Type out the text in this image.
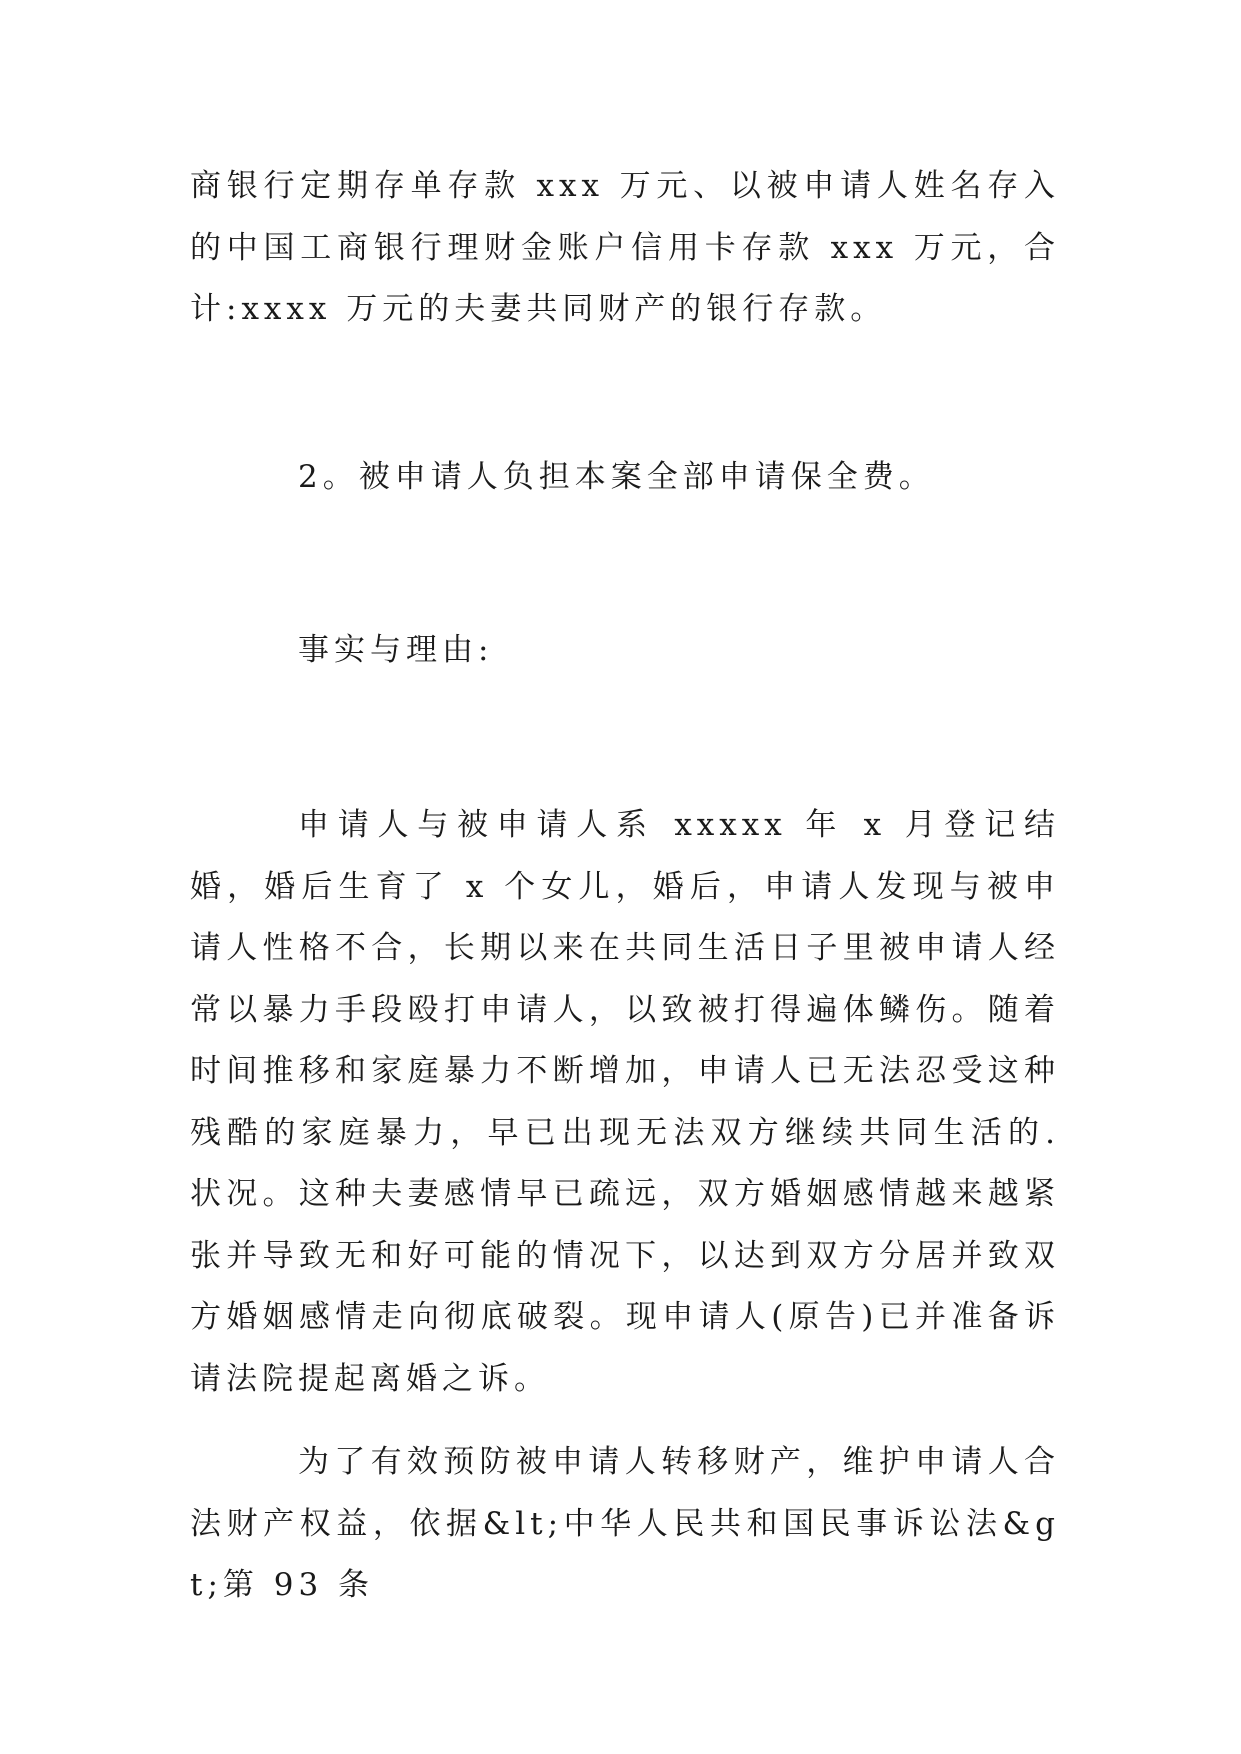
商银行定期存单存款 xxx 万元、以被申请人姓名存入的中国工商银行理财金账户信用卡存款 xxx 万元，合计:xxxx 万元的夫妻共同财产的银行存款。

2。被申请人负担本案全部申请保全费。

事实与理由:

申请人与被申请人系 xxxxx 年 x 月登记结婚，婚后生育了 x 个女儿，婚后，申请人发现与被申请人性格不合，长期以来在共同生活日子里被申请人经常以暴力手段殴打申请人，以致被打得遍体鳞伤。随着时间推移和家庭暴力不断增加，申请人已无法忍受这种残酷的家庭暴力，早已出现无法双方继续共同生活的.状况。这种夫妻感情早已疏远，双方婚姻感情越来越紧张并导致无和好可能的情况下，以达到双方分居并致双方婚姻感情走向彻底破裂。现申请人(原告)已并准备诉请法院提起离婚之诉。

为了有效预防被申请人转移财产，维护申请人合法财产权益，依据&lt;中华人民共和国民事诉讼法&gt;第 93 条
